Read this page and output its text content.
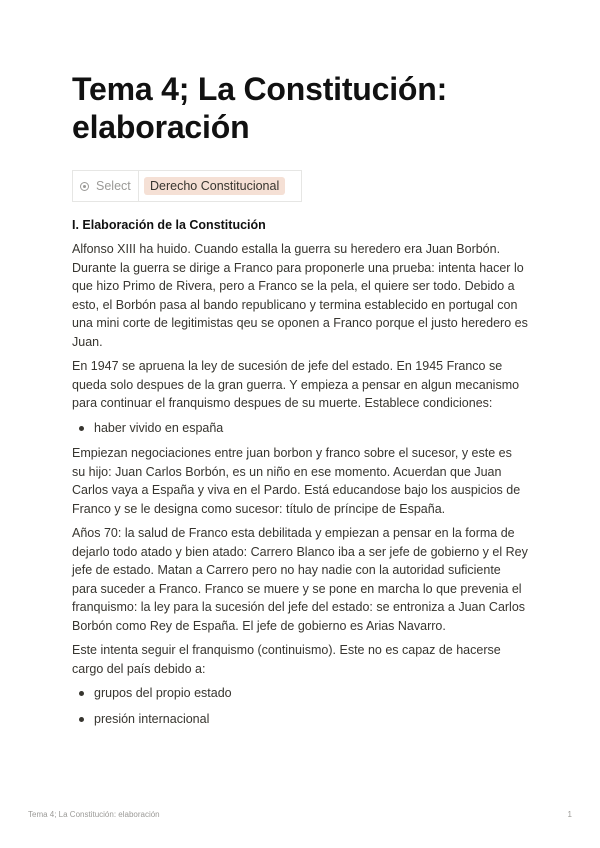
Tema 4; La Constitución: elaboración
Select	Derecho Constitucional
I. Elaboración de la Constitución

Alfonso XIII ha huido. Cuando estalla la guerra su heredero era Juan Borbón. Durante la guerra se dirige a Franco para proponerle una prueba: intenta hacer lo que hizo Primo de Rivera, pero a Franco se la pela, el quiere ser todo. Debido a esto, el Borbón pasa al bando republicano y termina establecido en portugal con una mini corte de legitimistas qeu se oponen a Franco porque el justo heredero es Juan.

En 1947 se apruena la ley de sucesión de jefe del estado. En 1945 Franco se queda solo despues de la gran guerra. Y empieza a pensar en algun mecanismo para continuar el franquismo despues de su muerte. Establece condiciones:

haber vivido en españa

Empiezan negociaciones entre juan borbon y franco sobre el sucesor, y este es su hijo: Juan Carlos Borbón, es un niño en ese momento. Acuerdan que Juan Carlos vaya a España y viva en el Pardo. Está educandose bajo los auspicios de Franco y se le designa como sucesor: título de príncipe de España.

Años 70: la salud de Franco esta debilitada y empiezan a pensar en la forma de dejarlo todo atado y bien atado: Carrero Blanco iba a ser jefe de gobierno y el Rey jefe de estado. Matan a Carrero pero no hay nadie con la autoridad suficiente para suceder a Franco. Franco se muere y se pone en marcha lo que prevenia el franquismo: la ley para la sucesión del jefe del estado: se entroniza a Juan Carlos Borbón como Rey de España. El jefe de gobierno es Arias Navarro.

Este intenta seguir el franquismo (continuismo). Este no es capaz de hacerse cargo del país debido a:

grupos del propio estado
presión internacional
Tema 4; La Constitución: elaboración	1
